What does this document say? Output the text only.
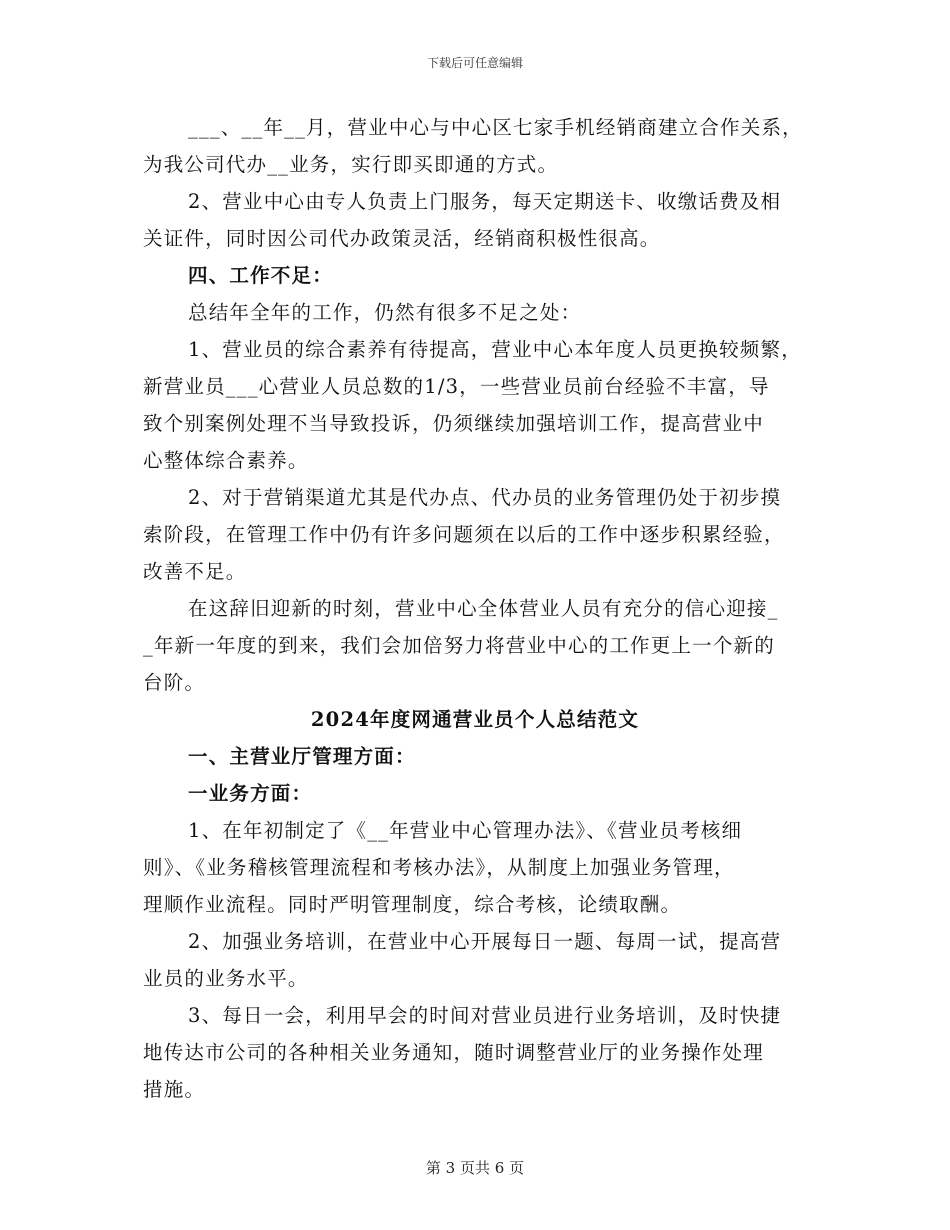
下载后可任意编辑
___、__年__月，营业中心与中心区七家手机经销商建立合作关系，
为我公司代办__业务，实行即买即通的方式。
2、营业中心由专人负责上门服务，每天定期送卡、收缴话费及相
关证件，同时因公司代办政策灵活，经销商积极性很高。
四、工作不足：
总结年全年的工作，仍然有很多不足之处：
1、营业员的综合素养有待提高，营业中心本年度人员更换较频繁，
新营业员___心营业人员总数的1/3，一些营业员前台经验不丰富，导
致个别案例处理不当导致投诉，仍须继续加强培训工作，提高营业中
心整体综合素养。
2、对于营销渠道尤其是代办点、代办员的业务管理仍处于初步摸
索阶段，在管理工作中仍有许多问题须在以后的工作中逐步积累经验，
改善不足。
在这辞旧迎新的时刻，营业中心全体营业人员有充分的信心迎接_
_年新一年度的到来，我们会加倍努力将营业中心的工作更上一个新的
台阶。
2024年度网通营业员个人总结范文
一、主营业厅管理方面：
一业务方面：
1、在年初制定了《__年营业中心管理办法》、《营业员考核细
则》、《业务稽核管理流程和考核办法》，从制度上加强业务管理，
理顺作业流程。同时严明管理制度，综合考核，论绩取酬。
2、加强业务培训，在营业中心开展每日一题、每周一试，提高营
业员的业务水平。
3、每日一会，利用早会的时间对营业员进行业务培训，及时快捷
地传达市公司的各种相关业务通知，随时调整营业厅的业务操作处理
措施。
第 3 页共 6 页
